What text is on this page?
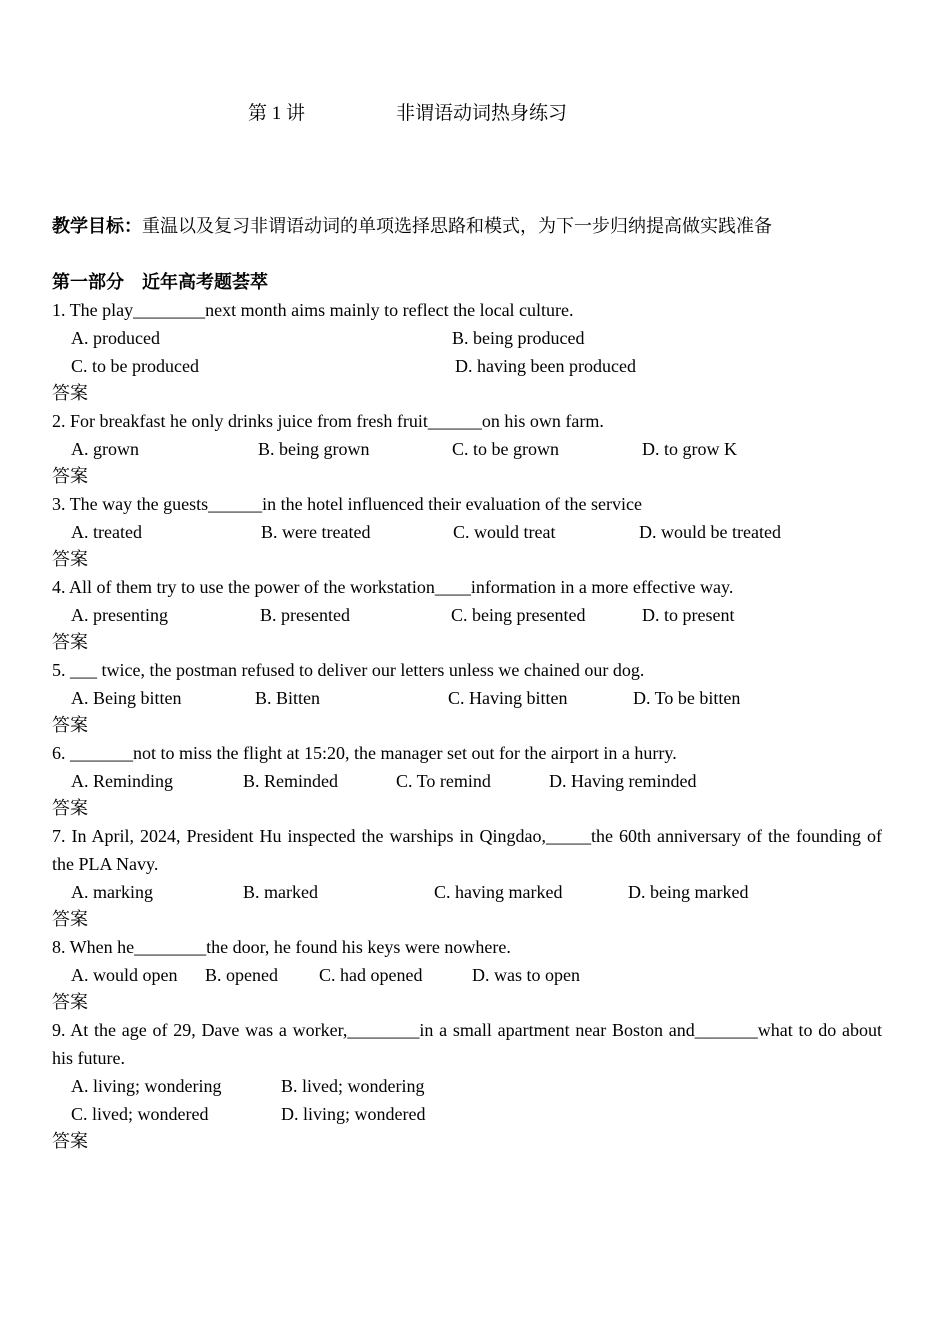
第 1 讲	非谓语动词热身练习
教学目标：重温以及复习非谓语动词的单项选择思路和模式，为下一步归纳提高做实践准备
第一部分　近年高考题荟萃
1. The play________next month aims mainly to reflect the local culture.
A. produced	B. being produced
C. to be produced	D. having been produced
答案
2. For breakfast he only drinks juice from fresh fruit______on his own farm.
A. grown	B. being grown	C. to be grown	D. to grow K
答案
3. The way the guests______in the hotel influenced their evaluation of the service
A. treated	B. were treated	C. would treat	D. would be treated
答案
4. All of them try to use the power of the workstation____information in a more effective way.
A. presenting	B. presented	C. being presented	D. to present
答案
5. ___ twice, the postman refused to deliver our letters unless we chained our dog.
A. Being bitten	B. Bitten	C. Having bitten	D. To be bitten
答案
6. _______not to miss the flight at 15:20, the manager set out for the airport in a hurry.
A. Reminding	B. Reminded	C. To remind	D. Having reminded
答案
7. In April, 2024, President Hu inspected the warships in Qingdao,_____the 60th anniversary of the founding of the PLA Navy.
A. marking	B. marked	C. having marked	D. being marked
答案
8. When he________the door, he found his keys were nowhere.
A. would open B. opened C. had opened	D. was to open
答案
9. At the age of 29, Dave was a worker,________in a small apartment near Boston and_______what to do about his future.
A. living; wondering	B. lived; wondering
C. lived; wondered	D. living; wondered
答案
